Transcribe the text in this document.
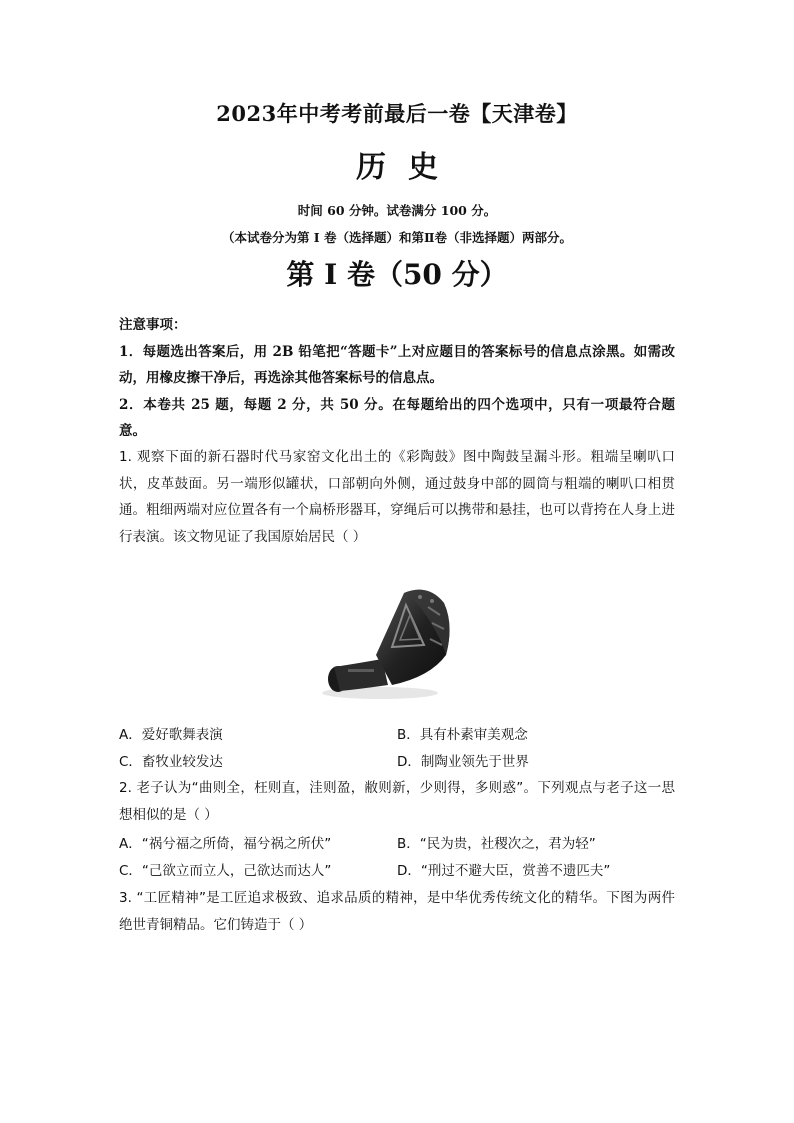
2023年中考考前最后一卷【天津卷】
历史
时间 60 分钟。试卷满分 100 分。
（本试卷分为第 I 卷（选择题）和第Ⅱ卷（非选择题）两部分。
第 I 卷（50 分）

注意事项：

1．每题选出答案后，用 2B 铅笔把“答题卡”上对应题目的答案标号的信息点涂黑。如需改动，用橡皮擦干净后，再选涂其他答案标号的信息点。

2．本卷共 25 题，每题 2 分，共 50 分。在每题给出的四个选项中，只有一项最符合题意。

1. 观察下面的新石器时代马家窑文化出土的《彩陶鼓》图中陶鼓呈漏斗形。粗端呈喇叭口状，皮革鼓面。另一端形似罐状，口部朝向外侧，通过鼓身中部的圆筒与粗端的喇叭口相贯通。粗细两端对应位置各有一个扁桥形器耳，穿绳后可以携带和悬挂，也可以背挎在人身上进行表演。该文物见证了我国原始居民（ ）

A．爱好歌舞表演	B．具有朴素审美观念
C．畜牧业较发达	D．制陶业领先于世界

2. 老子认为“曲则全，枉则直，洼则盈，敝则新，少则得，多则惑”。下列观点与老子这一思想相似的是（ ）

A．“祸兮福之所倚，福兮祸之所伏”	B．“民为贵，社稷次之，君为轻”
C．“己欲立而立人，己欲达而达人”	D．“刑过不避大臣，赏善不遗匹夫”

3. “工匠精神”是工匠追求极致、追求品质的精神，是中华优秀传统文化的精华。下图为两件绝世青铜精品。它们铸造于（ ）
